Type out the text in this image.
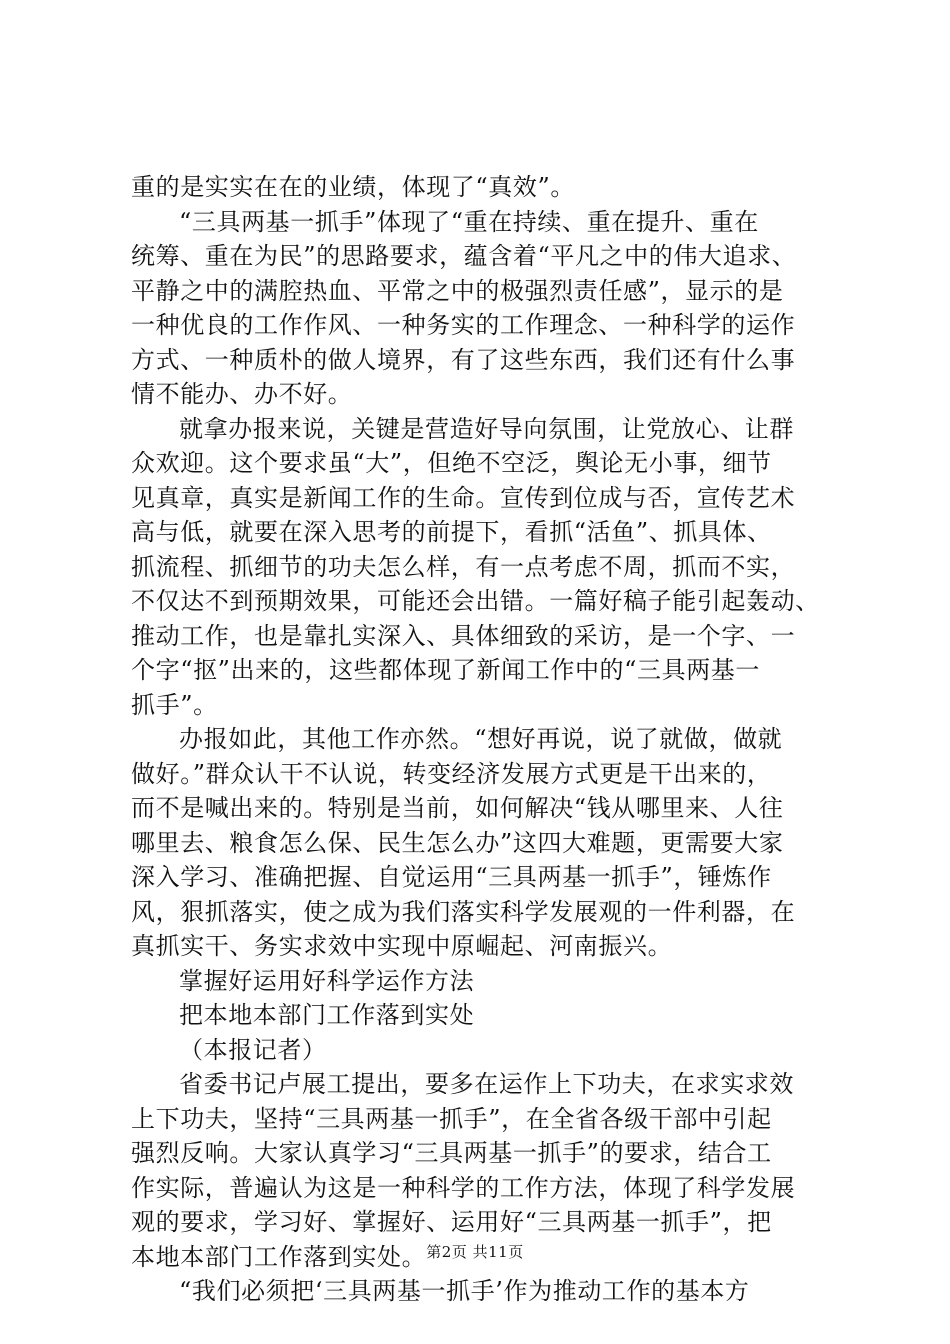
重的是实实在在的业绩，体现了“真效”。
“三具两基一抓手”体现了“重在持续、重在提升、重在
统筹、重在为民”的思路要求，蕴含着“平凡之中的伟大追求、
平静之中的满腔热血、平常之中的极强烈责任感”，显示的是
一种优良的工作作风、一种务实的工作理念、一种科学的运作
方式、一种质朴的做人境界，有了这些东西，我们还有什么事
情不能办、办不好。
就拿办报来说，关键是营造好导向氛围，让党放心、让群
众欢迎。这个要求虽“大”，但绝不空泛，舆论无小事，细节
见真章，真实是新闻工作的生命。宣传到位成与否，宣传艺术
高与低，就要在深入思考的前提下，看抓“活鱼”、抓具体、
抓流程、抓细节的功夫怎么样，有一点考虑不周，抓而不实，
不仅达不到预期效果，可能还会出错。一篇好稿子能引起轰动、
推动工作，也是靠扎实深入、具体细致的采访，是一个字、一
个字“抠”出来的，这些都体现了新闻工作中的“三具两基一
抓手”。
办报如此，其他工作亦然。“想好再说，说了就做，做就
做好。”群众认干不认说，转变经济发展方式更是干出来的，
而不是喊出来的。特别是当前，如何解决“钱从哪里来、人往
哪里去、粮食怎么保、民生怎么办”这四大难题，更需要大家
深入学习、准确把握、自觉运用“三具两基一抓手”，锤炼作
风，狠抓落实，使之成为我们落实科学发展观的一件利器，在
真抓实干、务实求效中实现中原崛起、河南振兴。
掌握好运用好科学运作方法
把本地本部门工作落到实处
（本报记者）
省委书记卢展工提出，要多在运作上下功夫，在求实求效
上下功夫，坚持“三具两基一抓手”，在全省各级干部中引起
强烈反响。大家认真学习“三具两基一抓手”的要求，结合工
作实际，普遍认为这是一种科学的工作方法，体现了科学发展
观的要求，学习好、掌握好、运用好“三具两基一抓手”，把
本地本部门工作落到实处。
“我们必须把‘三具两基一抓手’作为推动工作的基本方
第2页 共11页
